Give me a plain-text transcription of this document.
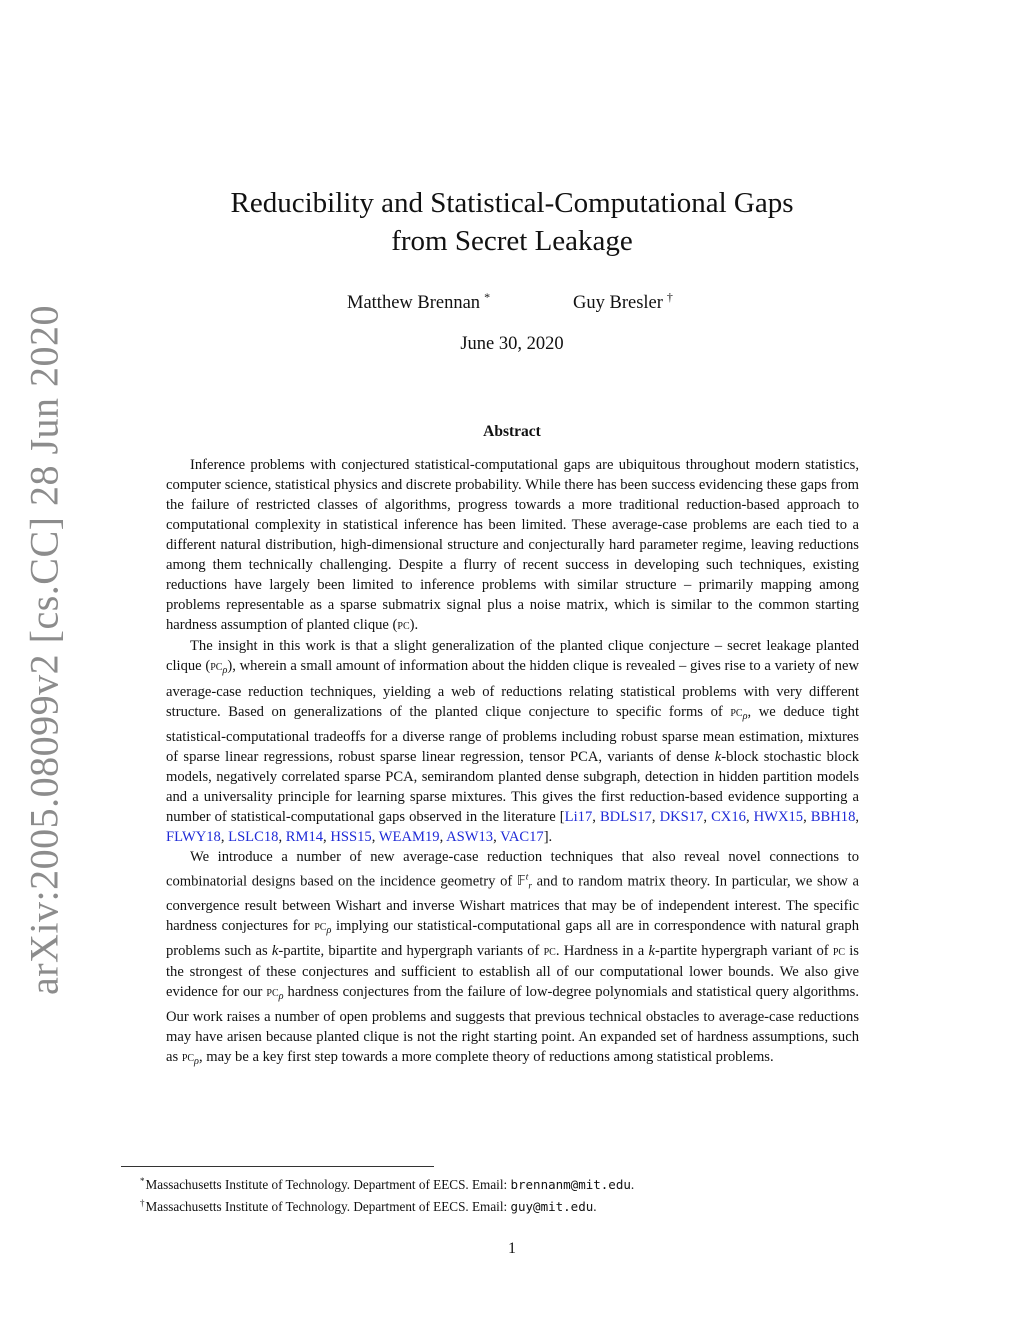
arXiv:2005.08099v2 [cs.CC] 28 Jun 2020
Reducibility and Statistical-Computational Gaps
from Secret Leakage
Matthew Brennan *	Guy Bresler †
June 30, 2020
Abstract

Inference problems with conjectured statistical-computational gaps are ubiquitous throughout modern statistics, computer science, statistical physics and discrete probability. While there has been success evidencing these gaps from the failure of restricted classes of algorithms, progress towards a more traditional reduction-based approach to computational complexity in statistical inference has been limited. These average-case problems are each tied to a different natural distribution, high-dimensional structure and conjecturally hard parameter regime, leaving reductions among them technically challenging. Despite a flurry of recent success in developing such techniques, existing reductions have largely been limited to inference problems with similar structure – primarily mapping among problems representable as a sparse submatrix signal plus a noise matrix, which is similar to the common starting hardness assumption of planted clique (pc).

The insight in this work is that a slight generalization of the planted clique conjecture – secret leakage planted clique $(pc_\rho)$, wherein a small amount of information about the hidden clique is revealed – gives rise to a variety of new average-case reduction techniques, yielding a web of reductions relating statistical problems with very different structure. Based on generalizations of the planted clique conjecture to specific forms of $pc_\rho$, we deduce tight statistical-computational tradeoffs for a diverse range of problems including robust sparse mean estimation, mixtures of sparse linear regressions, robust sparse linear regression, tensor PCA, variants of dense k-block stochastic block models, negatively correlated sparse PCA, semirandom planted dense subgraph, detection in hidden partition models and a universality principle for learning sparse mixtures. This gives the first reduction-based evidence supporting a number of statistical-computational gaps observed in the literature [Li17, BDLS17, DKS17, CX16, HWX15, BBH18, FLWY18, LSLC18, RM14, HSS15, WEAM19, ASW13, VAC17].

We introduce a number of new average-case reduction techniques that also reveal novel connections to combinatorial designs based on the incidence geometry of 𝔽$^t_r$ and to random matrix theory. In particular, we show a convergence result between Wishart and inverse Wishart matrices that may be of independent interest. The specific hardness conjectures for $pc_\rho$ implying our statistical-computational gaps all are in correspondence with natural graph problems such as k-partite, bipartite and hypergraph variants of pc. Hardness in a k-partite hypergraph variant of pc is the strongest of these conjectures and sufficient to establish all of our computational lower bounds. We also give evidence for our $pc_\rho$ hardness conjectures from the failure of low-degree polynomials and statistical query algorithms. Our work raises a number of open problems and suggests that previous technical obstacles to average-case reductions may have arisen because planted clique is not the right starting point. An expanded set of hardness assumptions, such as $pc_\rho$, may be a key first step towards a more complete theory of reductions among statistical problems.

*Massachusetts Institute of Technology. Department of EECS. Email: brennanm@mit.edu.
†Massachusetts Institute of Technology. Department of EECS. Email: guy@mit.edu.
1
